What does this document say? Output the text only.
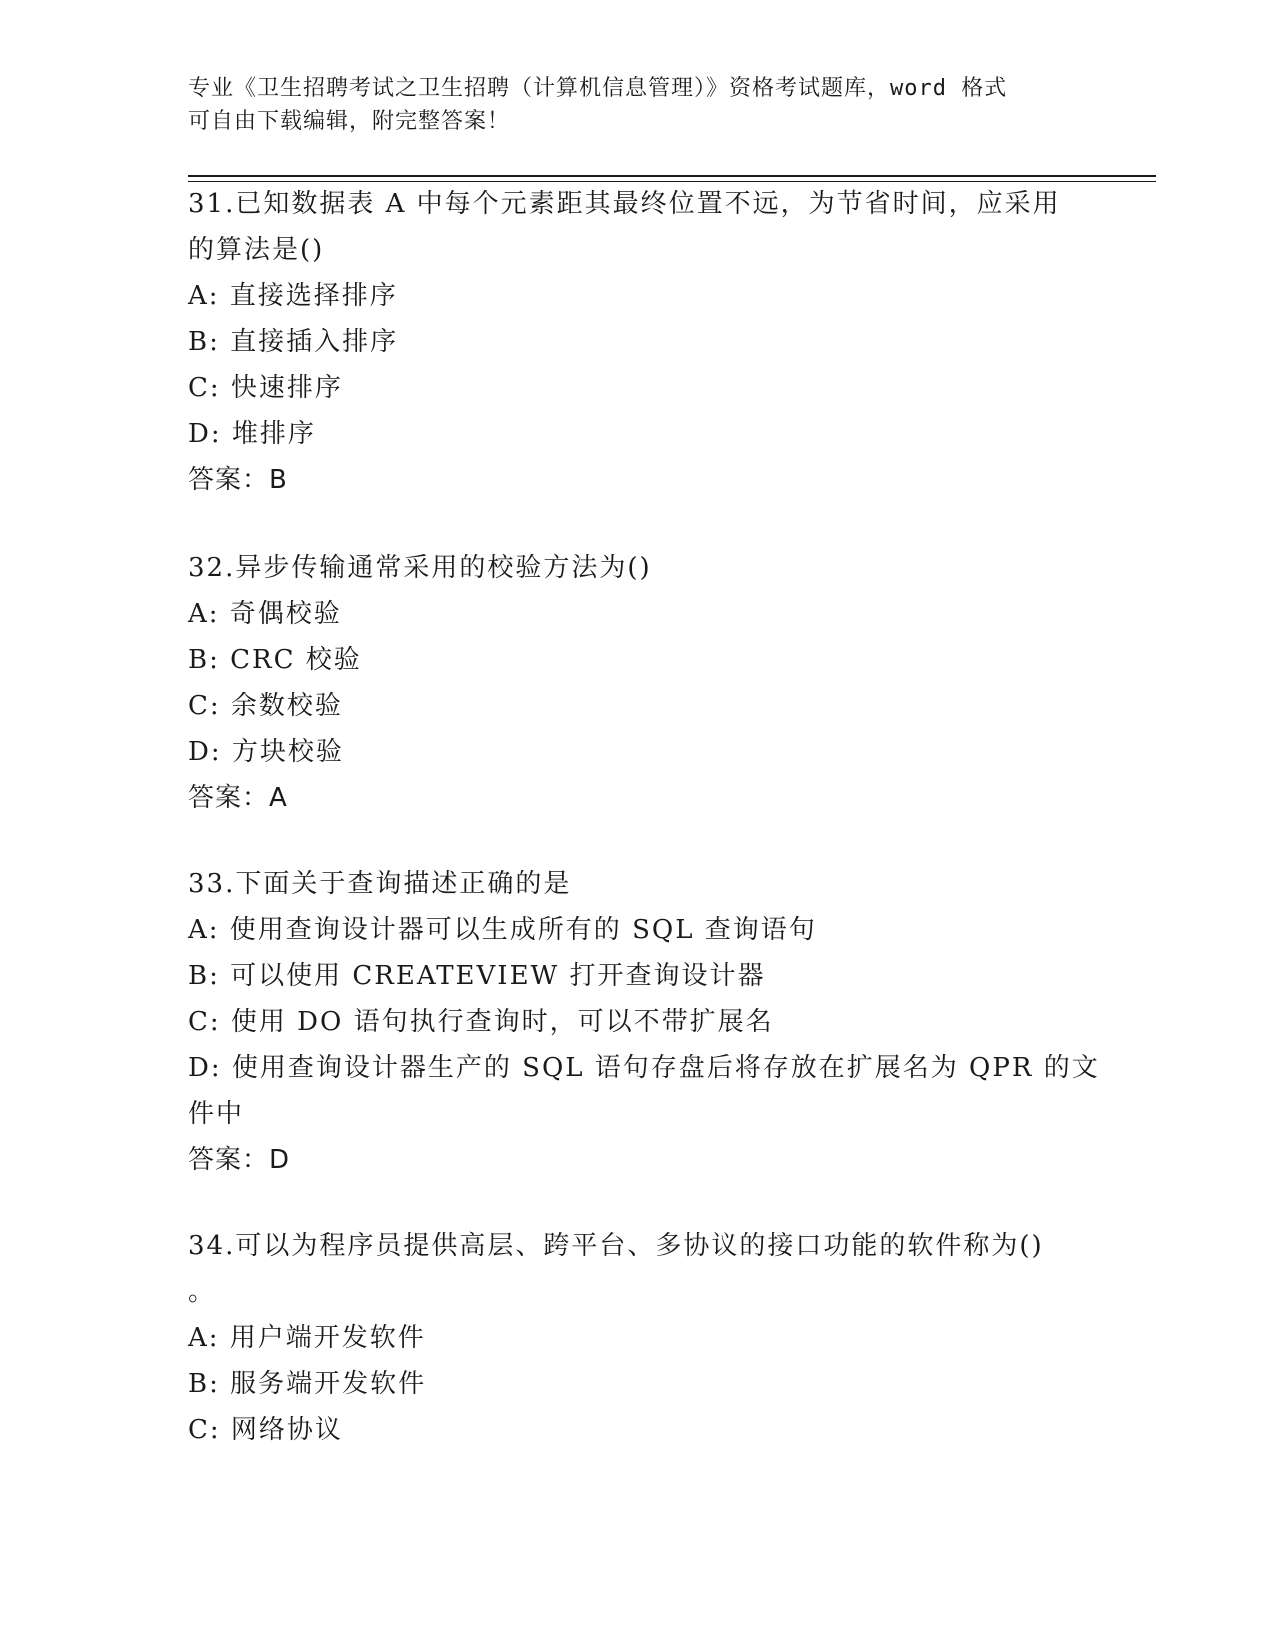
专业《卫生招聘考试之卫生招聘（计算机信息管理）》资格考试题库，word 格式
可自由下载编辑，附完整答案！
31.已知数据表 A 中每个元素距其最终位置不远，为节省时间，应采用
的算法是()
A: 直接选择排序
B: 直接插入排序
C: 快速排序
D: 堆排序
答案：B
32.异步传输通常采用的校验方法为()
A: 奇偶校验
B: CRC 校验
C: 余数校验
D: 方块校验
答案：A
33.下面关于查询描述正确的是
A: 使用查询设计器可以生成所有的 SQL 查询语句
B: 可以使用 CREATEVIEW 打开查询设计器
C: 使用 DO 语句执行查询时，可以不带扩展名
D: 使用查询设计器生产的 SQL 语句存盘后将存放在扩展名为 QPR 的文
件中
答案：D
34.可以为程序员提供高层、跨平台、多协议的接口功能的软件称为()
。
A: 用户端开发软件
B: 服务端开发软件
C: 网络协议
